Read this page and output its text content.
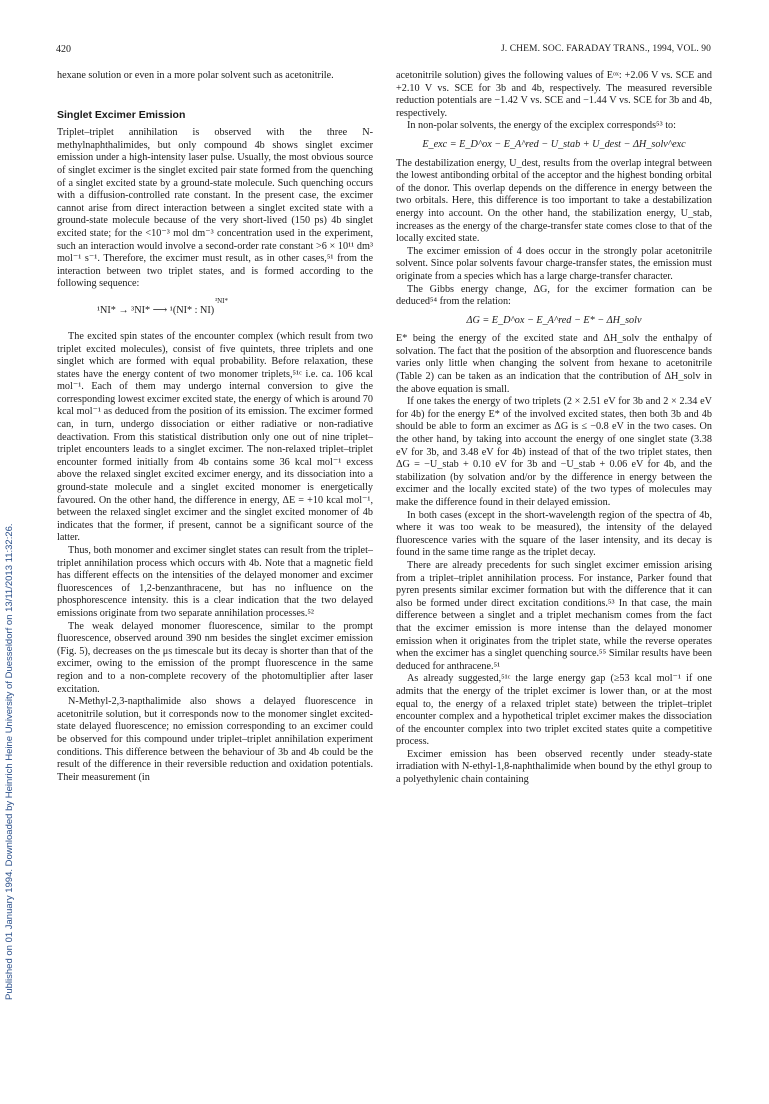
420	J. CHEM. SOC. FARADAY TRANS., 1994, VOL. 90
Published on 01 January 1994. Downloaded by Heinrich Heine University of Duesseldorf on 13/11/2013 11:32:26.

hexane solution or even in a more polar solvent such as acetonitrile.

Singlet Excimer Emission

Triplet–triplet annihilation is observed with the three N-methylnaphthalimides, but only compound 4b shows singlet excimer emission under a high-intensity laser pulse. Usually, the most obvious source of singlet excimer is the singlet excited pair state formed from the quenching of a singlet excited state by a ground-state molecule. Such quenching occurs with a diffusion-controlled rate constant. In the present case, the excimer cannot arise from direct interaction between a singlet excited state with a ground-state molecule because of the very short-lived (150 ps) 4b singlet excited state; for the <10⁻³ mol dm⁻³ concentration used in the experiment, such an interaction would involve a second-order rate constant >6 × 10¹¹ dm³ mol⁻¹ s⁻¹. Therefore, the excimer must result, as in other cases,⁵¹ from the interaction between two triplet states, and is formed according to the following sequence:

³NI*
¹NI* → ³NI* ⟶ ¹(NI* : NI)

The excited spin states of the encounter complex (which result from two triplet excited molecules), consist of five quintets, three triplets and one singlet which are formed with equal probability. Before relaxation, these states have the energy content of two monomer triplets,⁵¹ᶜ i.e. ca. 106 kcal mol⁻¹. Each of them may undergo internal conversion to give the corresponding lowest excimer excited state, the energy of which is around 70 kcal mol⁻¹ as deduced from the position of its emission. The excimer formed can, in turn, undergo dissociation or either radiative or non-radiative deactivation. From this statistical distribution only one out of nine triplet–triplet encounters leads to a singlet excimer. The non-relaxed triplet–triplet encounter formed initially from 4b contains some 36 kcal mol⁻¹ excess above the relaxed singlet excited excimer energy, and its dissociation into a ground-state molecule and a singlet excited monomer is energetically favoured. On the other hand, the difference in energy, ΔE = +10 kcal mol⁻¹, between the relaxed singlet excimer and the singlet excited monomer of 4b indicates that the former, if present, cannot be a significant source of the latter.

Thus, both monomer and excimer singlet states can result from the triplet–triplet annihilation process which occurs with 4b. Note that a magnetic field has different effects on the intensities of the delayed monomer and excimer fluorescences of 1,2-benzanthracene, but has no influence on the phosphorescence intensity. this is a clear indication that the two delayed emissions originate from two separate annihilation processes.⁵²

The weak delayed monomer fluorescence, similar to the prompt fluorescence, observed around 390 nm besides the singlet excimer emission (Fig. 5), decreases on the μs timescale but its decay is shorter than that of the excimer, owing to the emission of the prompt fluorescence in the same region and to a non-complete recovery of the photomultiplier after laser excitation.

N-Methyl-2,3-napthalimide also shows a delayed fluorescence in acetonitrile solution, but it corresponds now to the monomer singlet excited-state delayed fluorescence; no emission corresponding to an excimer could be observed for this compound under triplet–triplet annihilation experiment conditions. This difference between the behaviour of 3b and 4b could be the result of the difference in their reversible reduction and oxidation potentials. Their measurement (in

acetonitrile solution) gives the following values of Eᵒˣ: +2.06 V vs. SCE and +2.10 V vs. SCE for 3b and 4b, respectively. The measured reversible reduction potentials are −1.42 V vs. SCE and −1.44 V vs. SCE for 3b and 4b, respectively.

In non-polar solvents, the energy of the exciplex corresponds⁵³ to:

E_exc = E_D^ox − E_A^red − U_stab + U_dest − ΔH_solv^exc

The destabilization energy, U_dest, results from the overlap integral between the lowest antibonding orbital of the acceptor and the highest bonding orbital of the donor. This overlap depends on the difference in energy between the two orbitals. Here, this difference is too important to take a destabilization energy into account. On the other hand, the stabilization energy, U_stab, increases as the energy of the charge-transfer state comes close to that of the locally excited state.

The excimer emission of 4 does occur in the strongly polar acetonitrile solvent. Since polar solvents favour charge-transfer states, the emission must originate from a species which has a large charge-transfer character.

The Gibbs energy change, ΔG, for the excimer formation can be deduced⁵⁴ from the relation:

ΔG = E_D^ox − E_A^red − E* − ΔH_solv

E* being the energy of the excited state and ΔH_solv the enthalpy of solvation. The fact that the position of the absorption and fluorescence bands varies only little when changing the solvent from hexane to acetonitrile (Table 2) can be taken as an indication that the contribution of ΔH_solv in the above equation is small.

If one takes the energy of two triplets (2 × 2.51 eV for 3b and 2 × 2.34 eV for 4b) for the energy E* of the involved excited states, then both 3b and 4b should be able to form an excimer as ΔG is ≤ −0.8 eV in the two cases. On the other hand, by taking into account the energy of one singlet state (3.38 eV for 3b, and 3.48 eV for 4b) instead of that of the two triplet states, then ΔG = −U_stab + 0.10 eV for 3b and −U_stab + 0.06 eV for 4b, and the stabilization (by solvation and/or by the difference in energy between the excimer and the locally excited state) of the two types of molecules may make the difference found in their delayed emission.

In both cases (except in the short-wavelength region of the spectra of 4b, where it was too weak to be measured), the intensity of the delayed fluorescence varies with the square of the laser intensity, and its decay is found in the same time range as the triplet decay.

There are already precedents for such singlet excimer emission arising from a triplet–triplet annihilation process. For instance, Parker found that pyren presents similar excimer formation but with the difference that it can also be formed under direct excitation conditions.⁵³ In that case, the main difference between a singlet and a triplet mechanism comes from the fact that the excimer emission is more intense than the delayed monomer emission when it originates from the triplet state, while the reverse operates when the excimer has a singlet quenching source.⁵⁵ Similar results have been deduced for anthracene.⁵¹

As already suggested,⁵¹ᶜ the large energy gap (≥53 kcal mol⁻¹ if one admits that the energy of the triplet excimer is lower than, or at the most equal to, the energy of a relaxed triplet state) between the triplet–triplet encounter complex and a hypothetical triplet excimer makes the dissociation of the encounter complex into two triplet excited states quite a competitive process.

Excimer emission has been observed recently under steady-state irradiation with N-ethyl-1,8-naphthalimide when bound by the ethyl group to a polyethylenic chain containing
